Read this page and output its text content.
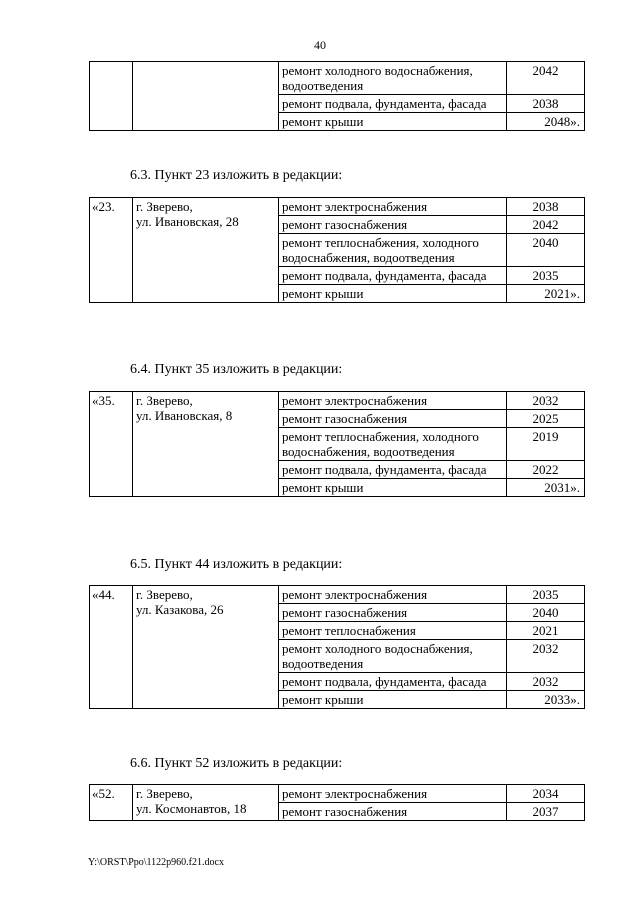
40
		ремонт холодного водоснабжения, водоотведения	2042
		ремонт подвала, фундамента, фасада	2038
		ремонт крыши	2048».
6.3. Пункт 23 изложить в редакции:
«23.	г. Зверево,
ул. Ивановская, 28	ремонт электроснабжения	2038
		ремонт газоснабжения	2042
		ремонт теплоснабжения, холодного водоснабжения, водоотведения	2040
		ремонт подвала, фундамента, фасада	2035
		ремонт крыши	2021».
6.4. Пункт 35 изложить в редакции:
«35.	г. Зверево,
ул. Ивановская, 8	ремонт электроснабжения	2032
		ремонт газоснабжения	2025
		ремонт теплоснабжения, холодного водоснабжения, водоотведения	2019
		ремонт подвала, фундамента, фасада	2022
		ремонт крыши	2031».
6.5. Пункт 44 изложить в редакции:
«44.	г. Зверево,
ул. Казакова, 26	ремонт электроснабжения	2035
		ремонт газоснабжения	2040
		ремонт теплоснабжения	2021
		ремонт холодного водоснабжения, водоотведения	2032
		ремонт подвала, фундамента, фасада	2032
		ремонт крыши	2033».
6.6. Пункт 52 изложить в редакции:
«52.	г. Зверево,
ул. Космонавтов, 18	ремонт электроснабжения	2034
		ремонт газоснабжения	2037
Y:\ORST\Ppo\1122p960.f21.docx
